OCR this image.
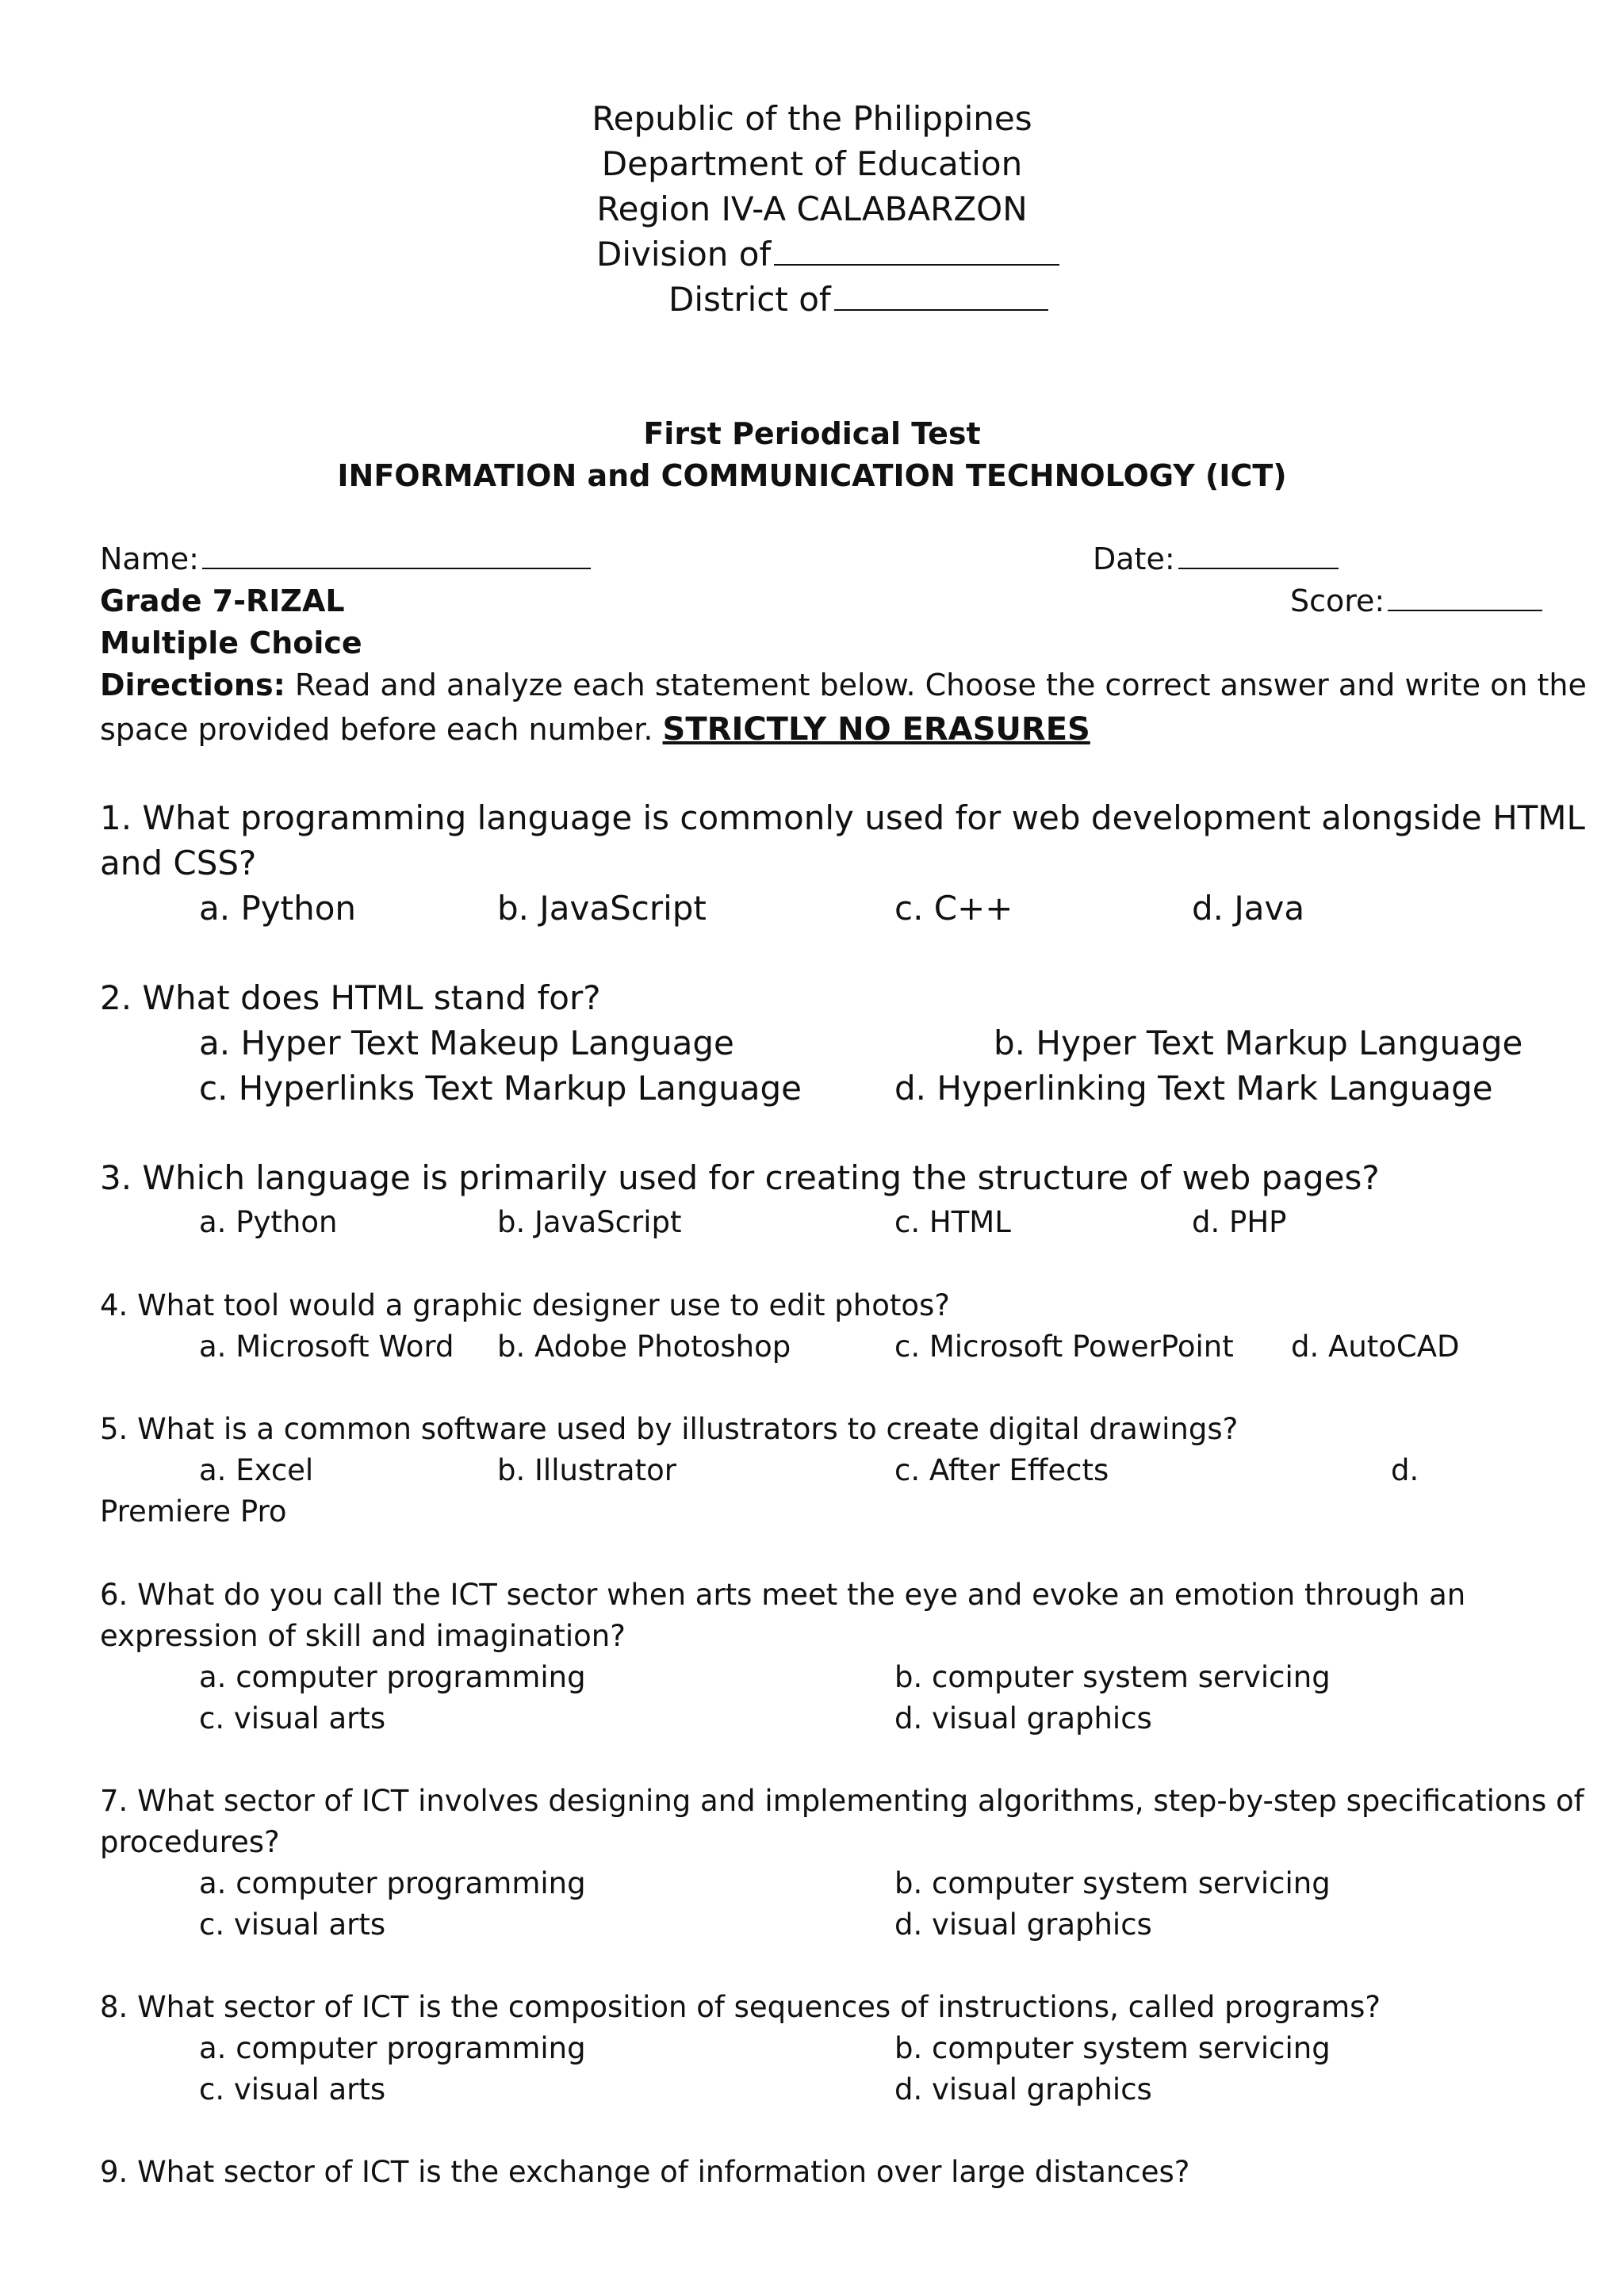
Republic of the Philippines
Department of Education
Region IV-A CALABARZON
Division of
District of
First Periodical Test
INFORMATION and COMMUNICATION TECHNOLOGY (ICT)
Name:	Date:
Grade 7-RIZAL	Score:
Multiple Choice
Directions: Read and analyze each statement below. Choose the correct answer and write on the
space provided before each number. STRICTLY NO ERASURES
1. What programming language is commonly used for web development alongside HTML
and CSS?
a. Python	b. JavaScript	c. C++	d. Java
2. What does HTML stand for?
a. Hyper Text Makeup Language	b. Hyper Text Markup Language
c. Hyperlinks Text Markup Language	d. Hyperlinking Text Mark Language
3. Which language is primarily used for creating the structure of web pages?
a. Python	b. JavaScript	c. HTML	d. PHP
4. What tool would a graphic designer use to edit photos?
a. Microsoft Word b. Adobe Photoshop	c. Microsoft PowerPoint d. AutoCAD
5. What is a common software used by illustrators to create digital drawings?
a. Excel	b. Illustrator	c. After Effects	d.
Premiere Pro
6. What do you call the ICT sector when arts meet the eye and evoke an emotion through an
expression of skill and imagination?
a. computer programming	b. computer system servicing
c. visual arts	d. visual graphics
7. What sector of ICT involves designing and implementing algorithms, step-by-step specifications of
procedures?
a. computer programming	b. computer system servicing
c. visual arts	d. visual graphics
8. What sector of ICT is the composition of sequences of instructions, called programs?
a. computer programming	b. computer system servicing
c. visual arts	d. visual graphics
9. What sector of ICT is the exchange of information over large distances?
